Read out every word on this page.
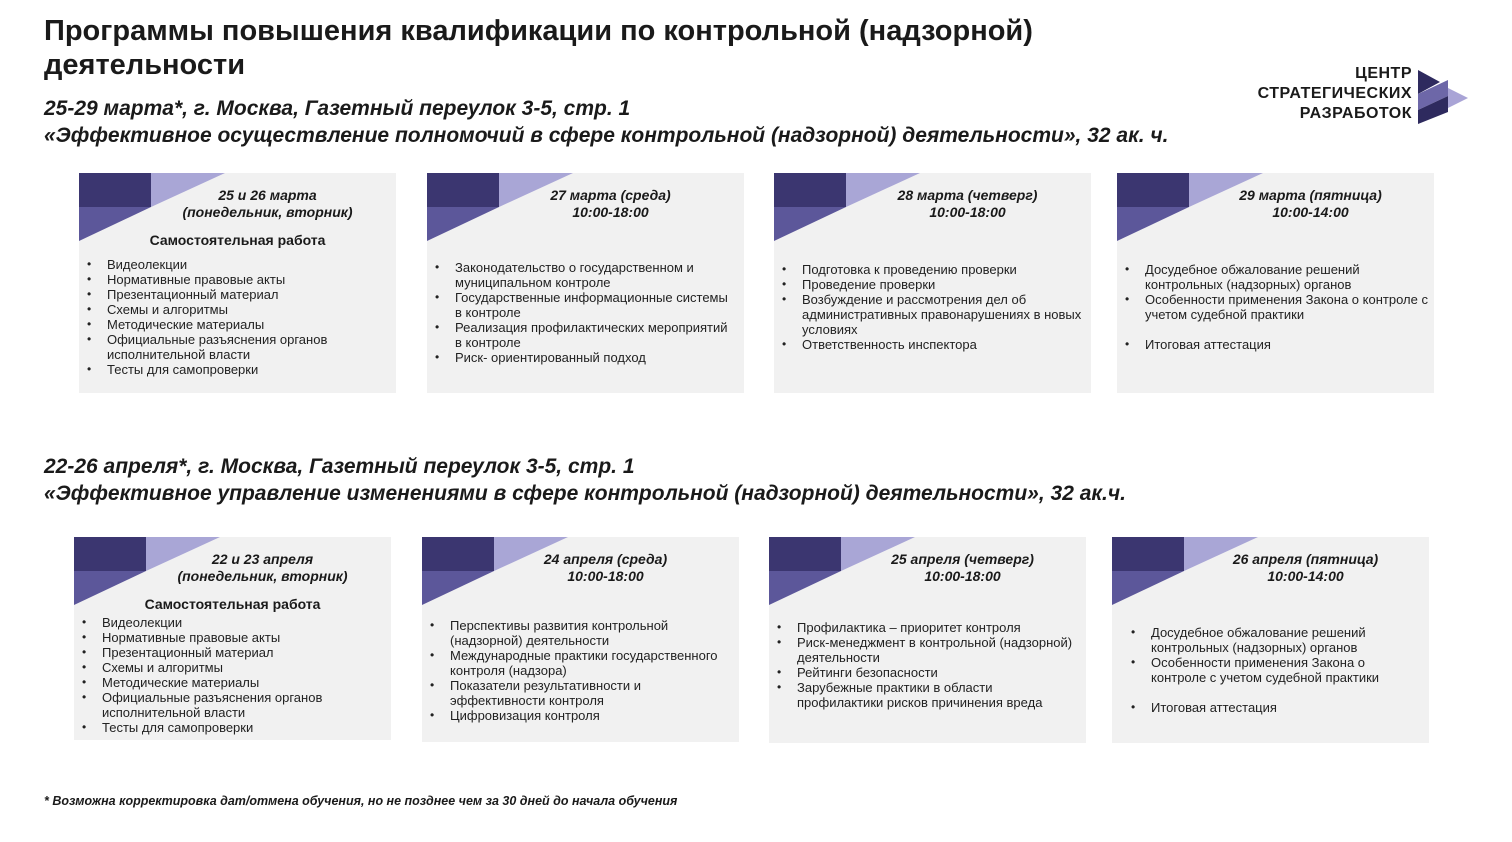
Программы повышения квалификации по контрольной (надзорной) деятельности	ЦЕНТР
СТРАТЕГИЧЕСКИХ
РАЗРАБОТОК
25-29 марта*, г. Москва, Газетный переулок 3-5, стр. 1
«Эффективное осуществление полномочий в сфере контрольной (надзорной) деятельности», 32 ак. ч.
25 и 26 марта
(понедельник, вторник)
Самостоятельная работа
• Видеолекции
• Нормативные правовые акты
• Презентационный материал
• Схемы и алгоритмы
• Методические материалы
• Официальные разъяснения органов исполнительной власти
• Тесты для самопроверки
27 марта (среда)
10:00-18:00
• Законодательство о государственном и муниципальном контроле
• Государственные информационные системы в контроле
• Реализация профилактических мероприятий в контроле
• Риск- ориентированный подход
28 марта (четверг)
10:00-18:00
• Подготовка к проведению проверки
• Проведение проверки
• Возбуждение и рассмотрения дел об административных правонарушениях в новых условиях
• Ответственность инспектора
29 марта (пятница)
10:00-14:00
• Досудебное обжалование решений контрольных (надзорных) органов
• Особенности применения Закона о контроле с учетом судебной практики
• Итоговая аттестация
22-26 апреля*, г. Москва, Газетный переулок 3-5, стр. 1
«Эффективное управление изменениями в сфере контрольной (надзорной) деятельности», 32 ак.ч.
22 и 23 апреля
(понедельник, вторник)
Самостоятельная работа
• Видеолекции
• Нормативные правовые акты
• Презентационный материал
• Схемы и алгоритмы
• Методические материалы
• Официальные разъяснения органов исполнительной власти
• Тесты для самопроверки
24 апреля (среда)
10:00-18:00
• Перспективы развития контрольной (надзорной) деятельности
• Международные практики государственного контроля (надзора)
• Показатели результативности и эффективности контроля
• Цифровизация контроля
25 апреля (четверг)
10:00-18:00
• Профилактика – приоритет контроля
• Риск-менеджмент в контрольной (надзорной) деятельности
• Рейтинги безопасности
• Зарубежные практики в области профилактики рисков причинения вреда
26 апреля (пятница)
10:00-14:00
• Досудебное обжалование решений контрольных (надзорных) органов
• Особенности применения Закона о контроле с учетом судебной практики
• Итоговая аттестация
* Возможна корректировка дат/отмена обучения, но не позднее чем за 30 дней до начала обучения
